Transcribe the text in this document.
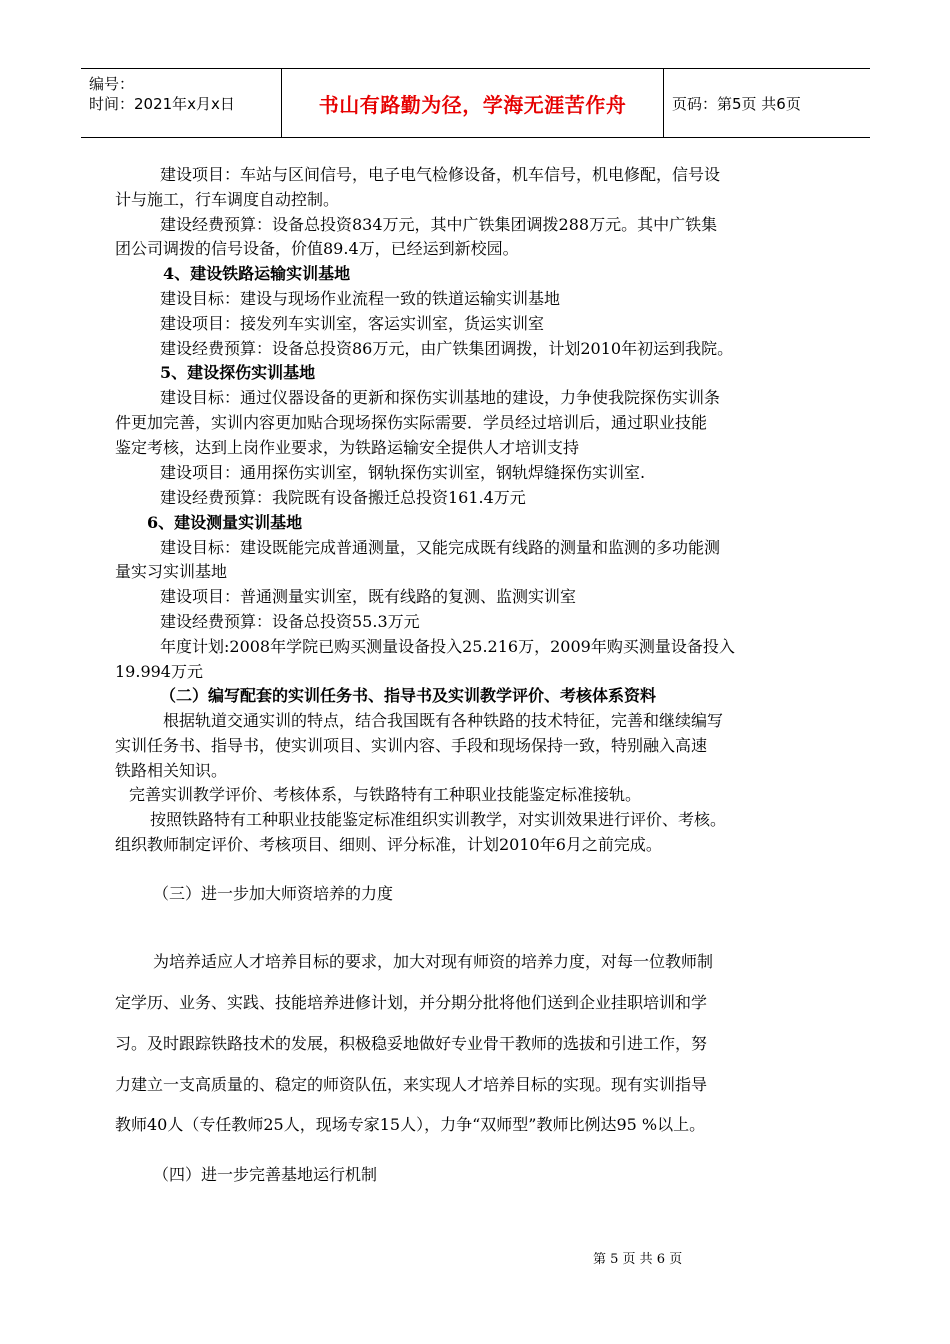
编号：
时间：2021年x月x日	书山有路勤为径，学海无涯苦作舟	页码：第5页 共6页
建设项目：车站与区间信号，电子电气检修设备，机车信号，机电修配，信号设
计与施工，行车调度自动控制。
建设经费预算：设备总投资834万元，其中广铁集团调拨288万元。其中广铁集
团公司调拨的信号设备，价值89.4万，已经运到新校园。
4、建设铁路运输实训基地
建设目标：建设与现场作业流程一致的铁道运输实训基地
建设项目：接发列车实训室，客运实训室，货运实训室
建设经费预算：设备总投资86万元，由广铁集团调拨，计划2010年初运到我院。
5、建设探伤实训基地
建设目标：通过仪器设备的更新和探伤实训基地的建设，力争使我院探伤实训条
件更加完善，实训内容更加贴合现场探伤实际需要．学员经过培训后，通过职业技能
鉴定考核，达到上岗作业要求，为铁路运输安全提供人才培训支持
建设项目：通用探伤实训室，钢轨探伤实训室，钢轨焊缝探伤实训室.
建设经费预算：我院既有设备搬迁总投资161.4万元
6、建设测量实训基地
建设目标：建设既能完成普通测量，又能完成既有线路的测量和监测的多功能测
量实习实训基地
建设项目：普通测量实训室，既有线路的复测、监测实训室
建设经费预算：设备总投资55.3万元
年度计划:2008年学院已购买测量设备投入25.216万，2009年购买测量设备投入
19.994万元
（二）编写配套的实训任务书、指导书及实训教学评价、考核体系资料
根据轨道交通实训的特点，结合我国既有各种铁路的技术特征，完善和继续编写
实训任务书、指导书，使实训项目、实训内容、手段和现场保持一致，特别融入高速
铁路相关知识。
完善实训教学评价、考核体系，与铁路特有工种职业技能鉴定标准接轨。
按照铁路特有工种职业技能鉴定标准组织实训教学，对实训效果进行评价、考核。
组织教师制定评价、考核项目、细则、评分标准，计划2010年6月之前完成。
（三）进一步加大师资培养的力度
为培养适应人才培养目标的要求，加大对现有师资的培养力度，对每一位教师制
定学历、业务、实践、技能培养进修计划，并分期分批将他们送到企业挂职培训和学
习。及时跟踪铁路技术的发展，积极稳妥地做好专业骨干教师的选拔和引进工作，努
力建立一支高质量的、稳定的师资队伍，来实现人才培养目标的实现。现有实训指导
教师40人（专任教师25人，现场专家15人），力争“双师型”教师比例达95 %以上。
（四）进一步完善基地运行机制
第 5 页 共 6 页
